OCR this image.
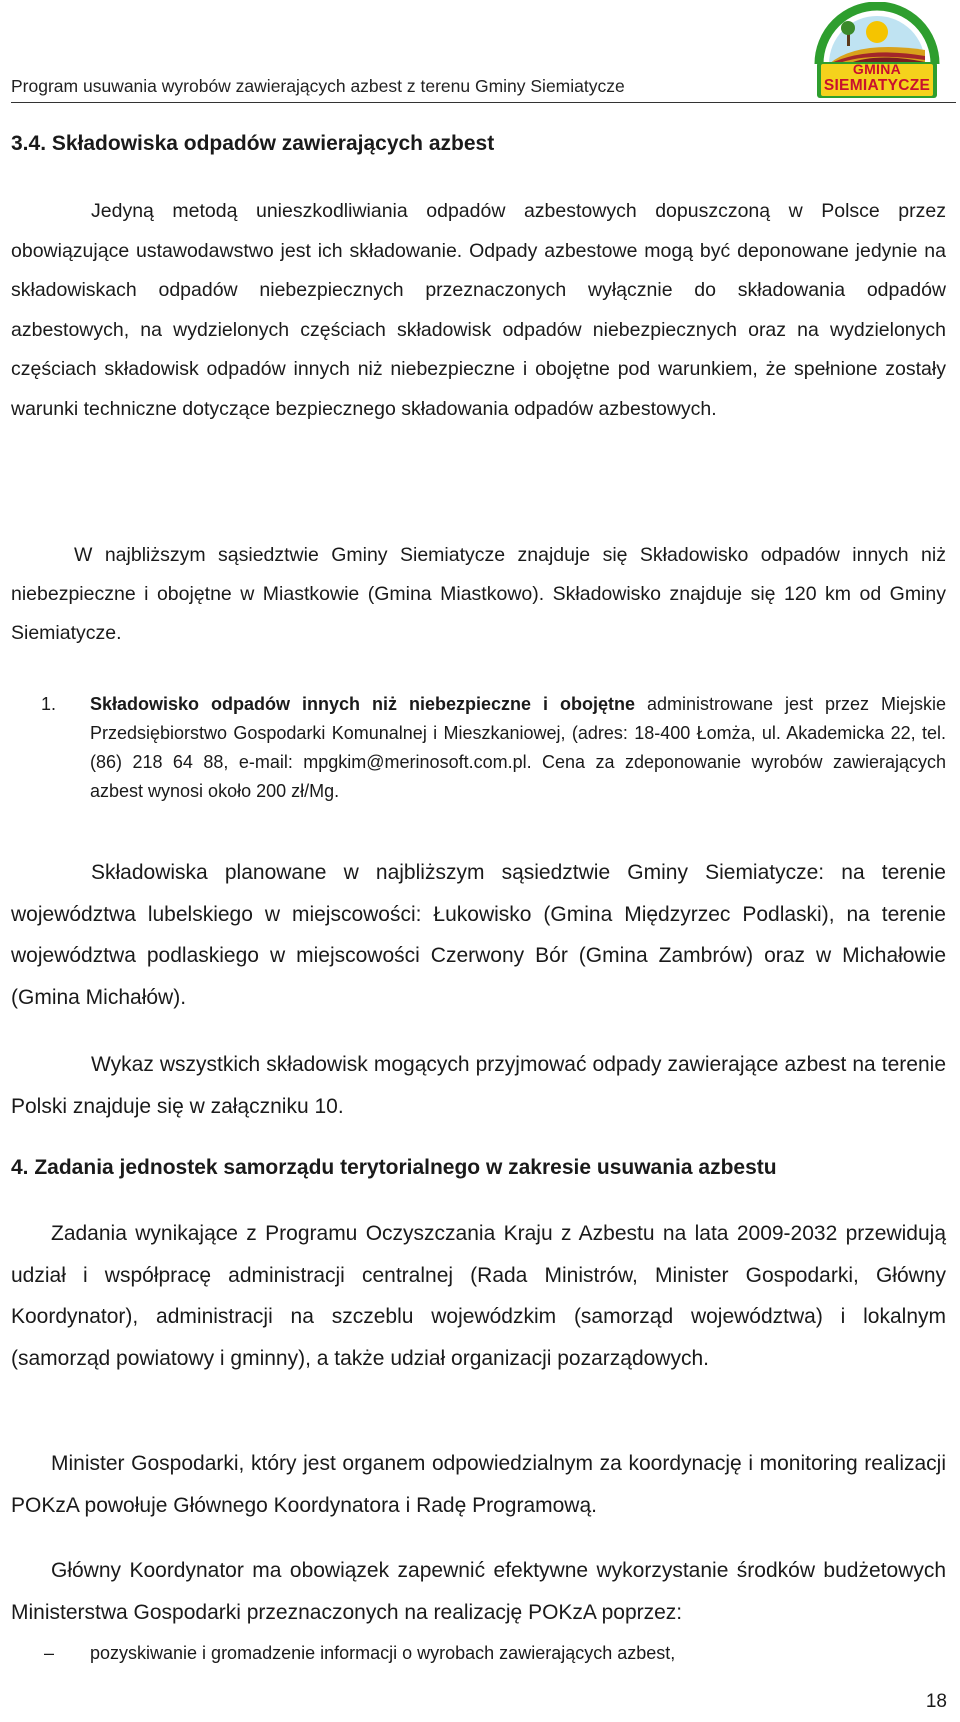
Program usuwania wyrobów zawierających azbest z terenu Gminy Siemiatycze
GMINA
SIEMIATYCZE
3.4. Składowiska odpadów zawierających azbest

Jedyną metodą unieszkodliwiania odpadów azbestowych dopuszczoną w Polsce przez obowiązujące ustawodawstwo jest ich składowanie. Odpady azbestowe mogą być deponowane jedynie na składowiskach odpadów niebezpiecznych przeznaczonych wyłącznie do składowania odpadów azbestowych, na wydzielonych częściach składowisk odpadów niebezpiecznych oraz na wydzielonych częściach składowisk odpadów innych niż niebezpieczne i obojętne pod warunkiem, że spełnione zostały warunki techniczne dotyczące bezpiecznego składowania odpadów azbestowych.

W najbliższym sąsiedztwie Gminy Siemiatycze znajduje się Składowisko odpadów innych niż niebezpieczne i obojętne w Miastkowie (Gmina Miastkowo). Składowisko znajduje się 120 km od Gminy Siemiatycze.

1.	Składowisko odpadów innych niż niebezpieczne i obojętne administrowane jest przez Miejskie Przedsiębiorstwo Gospodarki Komunalnej i Mieszkaniowej, (adres: 18-400 Łomża, ul. Akademicka 22, tel. (86) 218 64 88, e-mail: mpgkim@merinosoft.com.pl. Cena za zdeponowanie wyrobów zawierających azbest wynosi około 200 zł/Mg.

Składowiska planowane w najbliższym sąsiedztwie Gminy Siemiatycze: na terenie województwa lubelskiego w miejscowości: Łukowisko (Gmina Międzyrzec Podlaski), na terenie województwa podlaskiego w miejscowości Czerwony Bór (Gmina Zambrów) oraz w Michałowie (Gmina Michałów).

Wykaz wszystkich składowisk mogących przyjmować odpady zawierające azbest na terenie Polski znajduje się w załączniku 10.

4. Zadania jednostek samorządu terytorialnego w zakresie usuwania azbestu

Zadania wynikające z Programu Oczyszczania Kraju z Azbestu na lata 2009-2032 przewidują udział i współpracę administracji centralnej (Rada Ministrów, Minister Gospodarki, Główny Koordynator), administracji na szczeblu wojewódzkim (samorząd województwa) i lokalnym (samorząd powiatowy i gminny), a także udział organizacji pozarządowych.

Minister Gospodarki, który jest organem odpowiedzialnym za koordynację i monitoring realizacji POKzA powołuje Głównego Koordynatora i Radę Programową.

Główny Koordynator ma obowiązek zapewnić efektywne wykorzystanie środków budżetowych Ministerstwa Gospodarki przeznaczonych na realizację POKzA poprzez:

– pozyskiwanie i gromadzenie informacji o wyrobach zawierających azbest,
18
